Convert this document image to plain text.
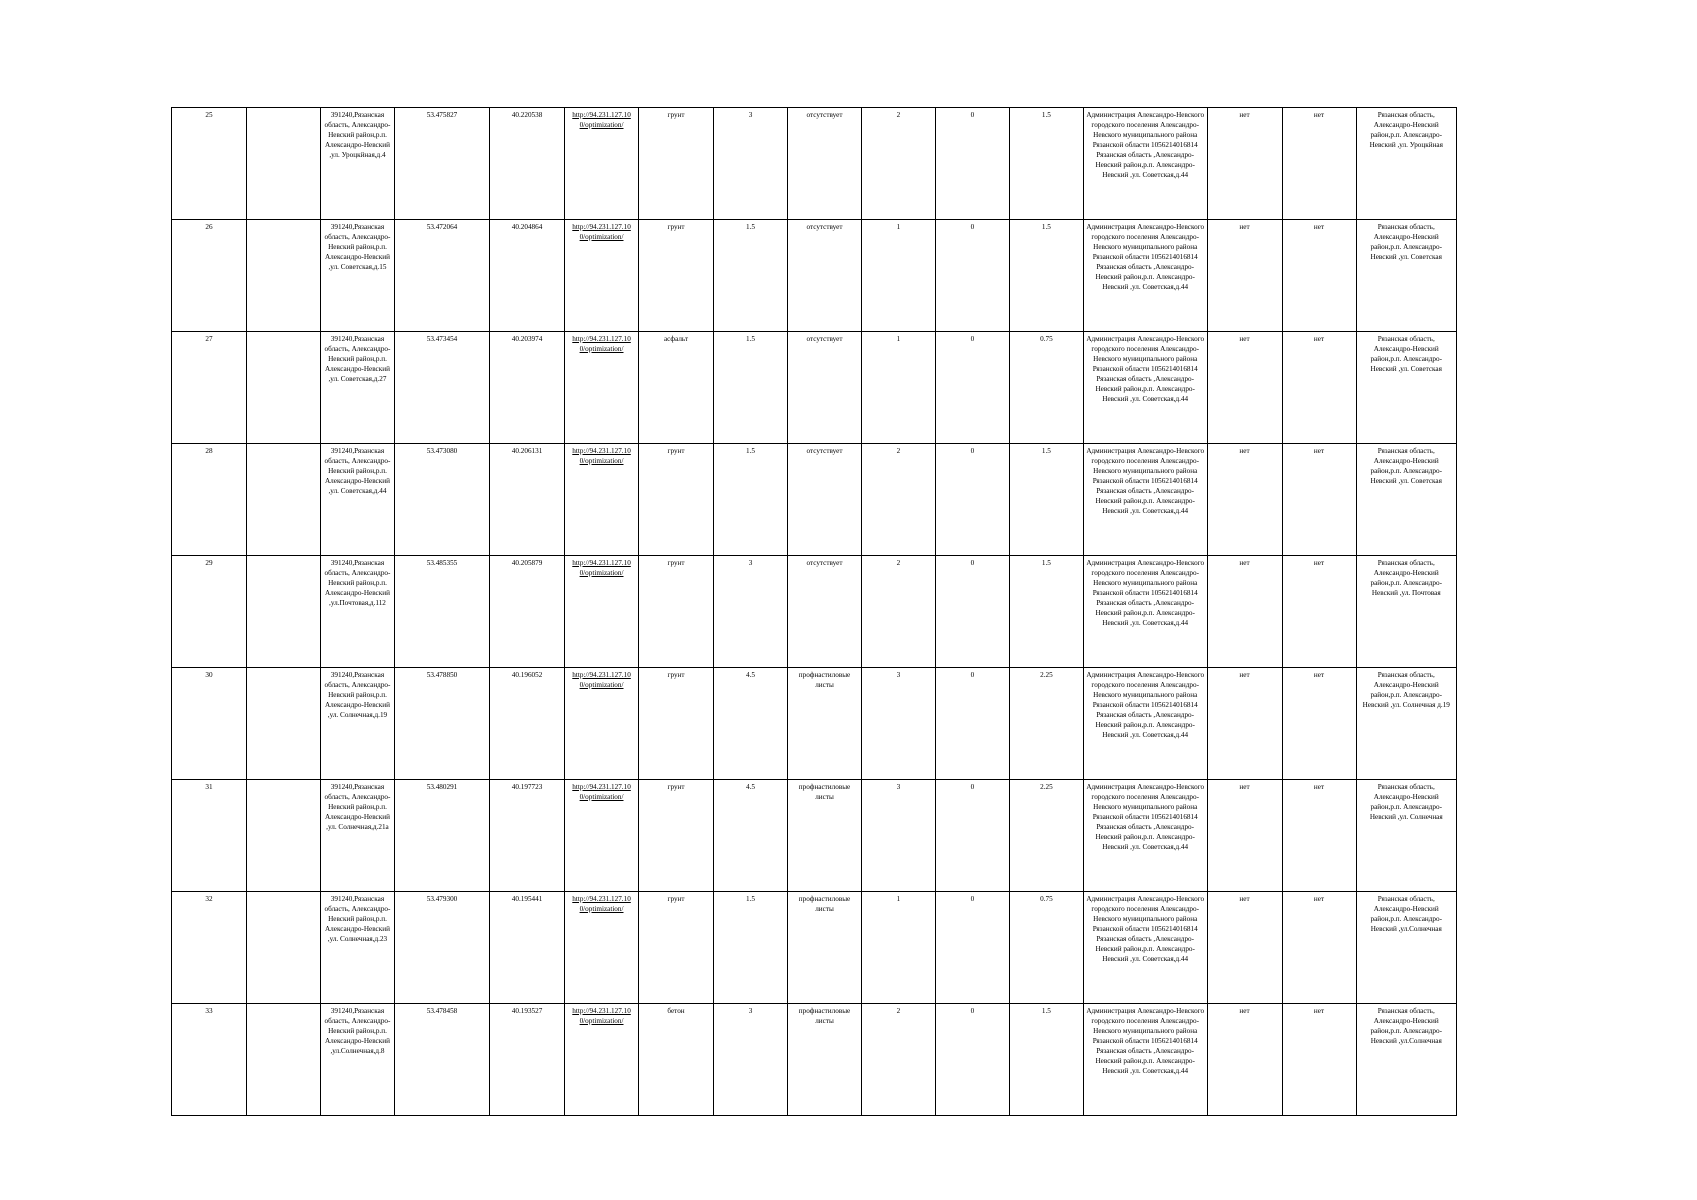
25		391240,Рязанская область, Александро-Невский район,р.п. Александро-Невский ,ул. Уроцкйная,д.4	53.475827	40.220538	http://94.231.127.10 0/optimization/	грунт	3	отсутствует	2	0	1.5	Администрация Александро-Невского городского поселения Александро-Невского муниципального района Рязанской области 1056214016814 Рязанская область ,Александро-Невский район,р.п. Александро-Невский ,ул. Советская,д.44	нет	нет	Рязанская область, Александро-Невский район,р.п. Александро-Невский ,ул. Уроцкйная
26		391240,Рязанская область, Александро-Невский район,р.п. Александро-Невский ,ул. Советская,д.15	53.472064	40.204864	http://94.231.127.10 0/optimization/	грунт	1.5	отсутствует	1	0	1.5	Администрация Александро-Невского городского поселения Александро-Невского муниципального района Рязанской области 1056214016814 Рязанская область ,Александро-Невский район,р.п. Александро-Невский ,ул. Советская,д.44	нет	нет	Рязанская область, Александро-Невский район,р.п. Александро-Невский ,ул. Советская
27		391240,Рязанская область, Александро-Невский район,р.п. Александро-Невский ,ул. Советская,д.27	53.473454	40.203974	http://94.231.127.10 0/optimization/	асфальт	1.5	отсутствует	1	0	0.75	Администрация Александро-Невского городского поселения Александро-Невского муниципального района Рязанской области 1056214016814 Рязанская область ,Александро-Невский район,р.п. Александро-Невский ,ул. Советская,д.44	нет	нет	Рязанская область, Александро-Невский район,р.п. Александро-Невский ,ул. Советская
28		391240,Рязанская область, Александро-Невский район,р.п. Александро-Невский ,ул. Советская,д.44	53.473080	40.206131	http://94.231.127.10 0/optimization/	грунт	1.5	отсутствует	2	0	1.5	Администрация Александро-Невского городского поселения Александро-Невского муниципального района Рязанской области 1056214016814 Рязанская область ,Александро-Невский район,р.п. Александро-Невский ,ул. Советская,д.44	нет	нет	Рязанская область, Александро-Невский район,р.п. Александро-Невский ,ул. Советская
29		391240,Рязанская область, Александро-Невский район,р.п. Александро-Невский ,ул.Почтовая,д.112	53.485355	40.205879	http://94.231.127.10 0/optimization/	грунт	3	отсутствует	2	0	1.5	Администрация Александро-Невского городского поселения Александро-Невского муниципального района Рязанской области 1056214016814 Рязанская область ,Александро-Невский район,р.п. Александро-Невский ,ул. Советская,д.44	нет	нет	Рязанская область, Александро-Невский район,р.п. Александро-Невский ,ул. Почтовая
30		391240,Рязанская область, Александро-Невский район,р.п. Александро-Невский ,ул. Солнечная,д.19	53.478850	40.196052	http://94.231.127.10 0/optimization/	грунт	4.5	профнастиловые листы	3	0	2.25	Администрация Александро-Невского городского поселения Александро-Невского муниципального района Рязанской области 1056214016814 Рязанская область ,Александро-Невский район,р.п. Александро-Невский ,ул. Советская,д.44	нет	нет	Рязанская область, Александро-Невский район,р.п. Александро-Невский ,ул. Солнечная д.19
31		391240,Рязанская область, Александро-Невский район,р.п. Александро-Невский ,ул. Солнечная,д.21а	53.480291	40.197723	http://94.231.127.10 0/optimization/	грунт	4.5	профнастиловые листы	3	0	2.25	Администрация Александро-Невского городского поселения Александро-Невского муниципального района Рязанской области 1056214016814 Рязанская область ,Александро-Невский район,р.п. Александро-Невский ,ул. Советская,д.44	нет	нет	Рязанская область, Александро-Невский район,р.п. Александро-Невский ,ул. Солнечная
32		391240,Рязанская область, Александро-Невский район,р.п. Александро-Невский ,ул. Солнечная,д.23	53.479300	40.195441	http://94.231.127.10 0/optimization/	грунт	1.5	профнастиловые листы	1	0	0.75	Администрация Александро-Невского городского поселения Александро-Невского муниципального района Рязанской области 1056214016814 Рязанская область ,Александро-Невский район,р.п. Александро-Невский ,ул. Советская,д.44	нет	нет	Рязанская область, Александро-Невский район,р.п. Александро-Невский ,ул.Солнечная
33		391240,Рязанская область, Александро-Невский район,р.п. Александро-Невский ,ул.Солнечная,д.8	53.478458	40.193527	http://94.231.127.10 0/optimization/	бетон	3	профнастиловые листы	2	0	1.5	Администрация Александро-Невского городского поселения Александро-Невского муниципального района Рязанской области 1056214016814 Рязанская область ,Александро-Невский район,р.п. Александро-Невский ,ул. Советская,д.44	нет	нет	Рязанская область, Александро-Невский район,р.п. Александро-Невский ,ул.Солнечная
